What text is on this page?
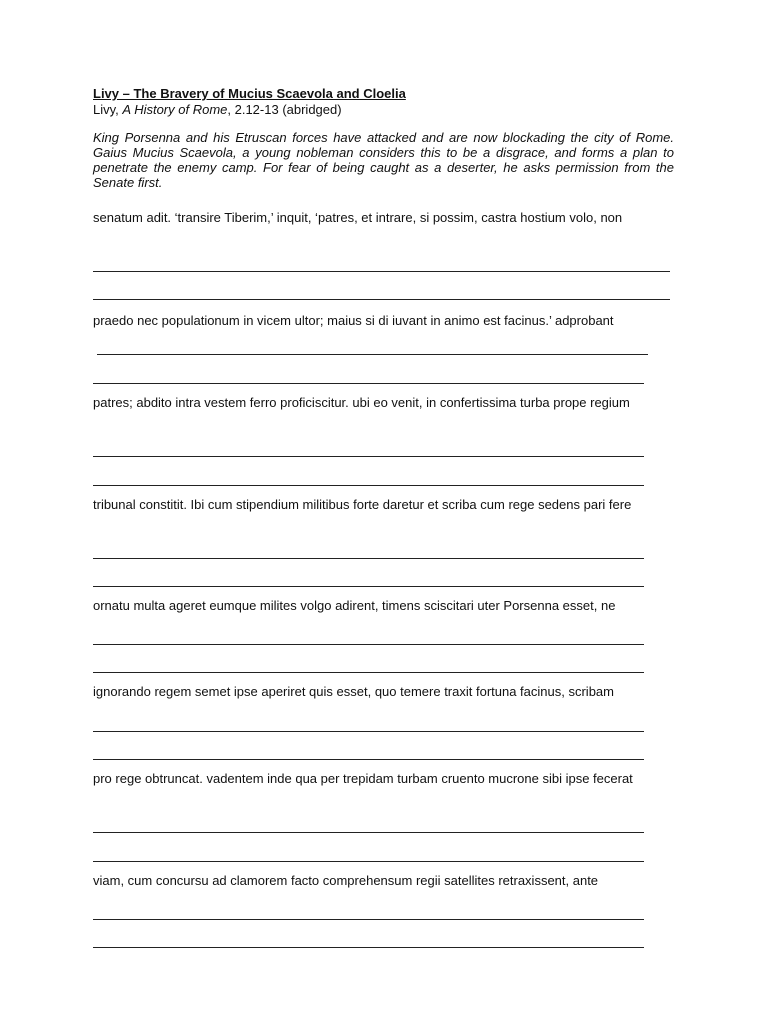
Livy – The Bravery of Mucius Scaevola and Cloelia
Livy, A History of Rome, 2.12-13 (abridged)
King Porsenna and his Etruscan forces have attacked and are now blockading the city of Rome. Gaius Mucius Scaevola, a young nobleman considers this to be a disgrace, and forms a plan to penetrate the enemy camp. For fear of being caught as a deserter, he asks permission from the Senate first.
senatum adit. ‘transire Tiberim,’ inquit, ‘patres, et intrare, si possim, castra hostium volo, non
praedo nec populationum in vicem ultor; maius si di iuvant in animo est facinus.’ adprobant
patres; abdito intra vestem ferro proficiscitur. ubi eo venit, in confertissima turba prope regium
tribunal constitit. Ibi cum stipendium militibus forte daretur et scriba cum rege sedens pari fere
ornatu multa ageret eumque milites volgo adirent, timens sciscitari uter Porsenna esset, ne
ignorando regem semet ipse aperiret quis esset, quo temere traxit fortuna facinus, scribam
pro rege obtruncat. vadentem inde qua per trepidam turbam cruento mucrone sibi ipse fecerat
viam, cum concursu ad clamorem facto comprehensum regii satellites retraxissent, ante
